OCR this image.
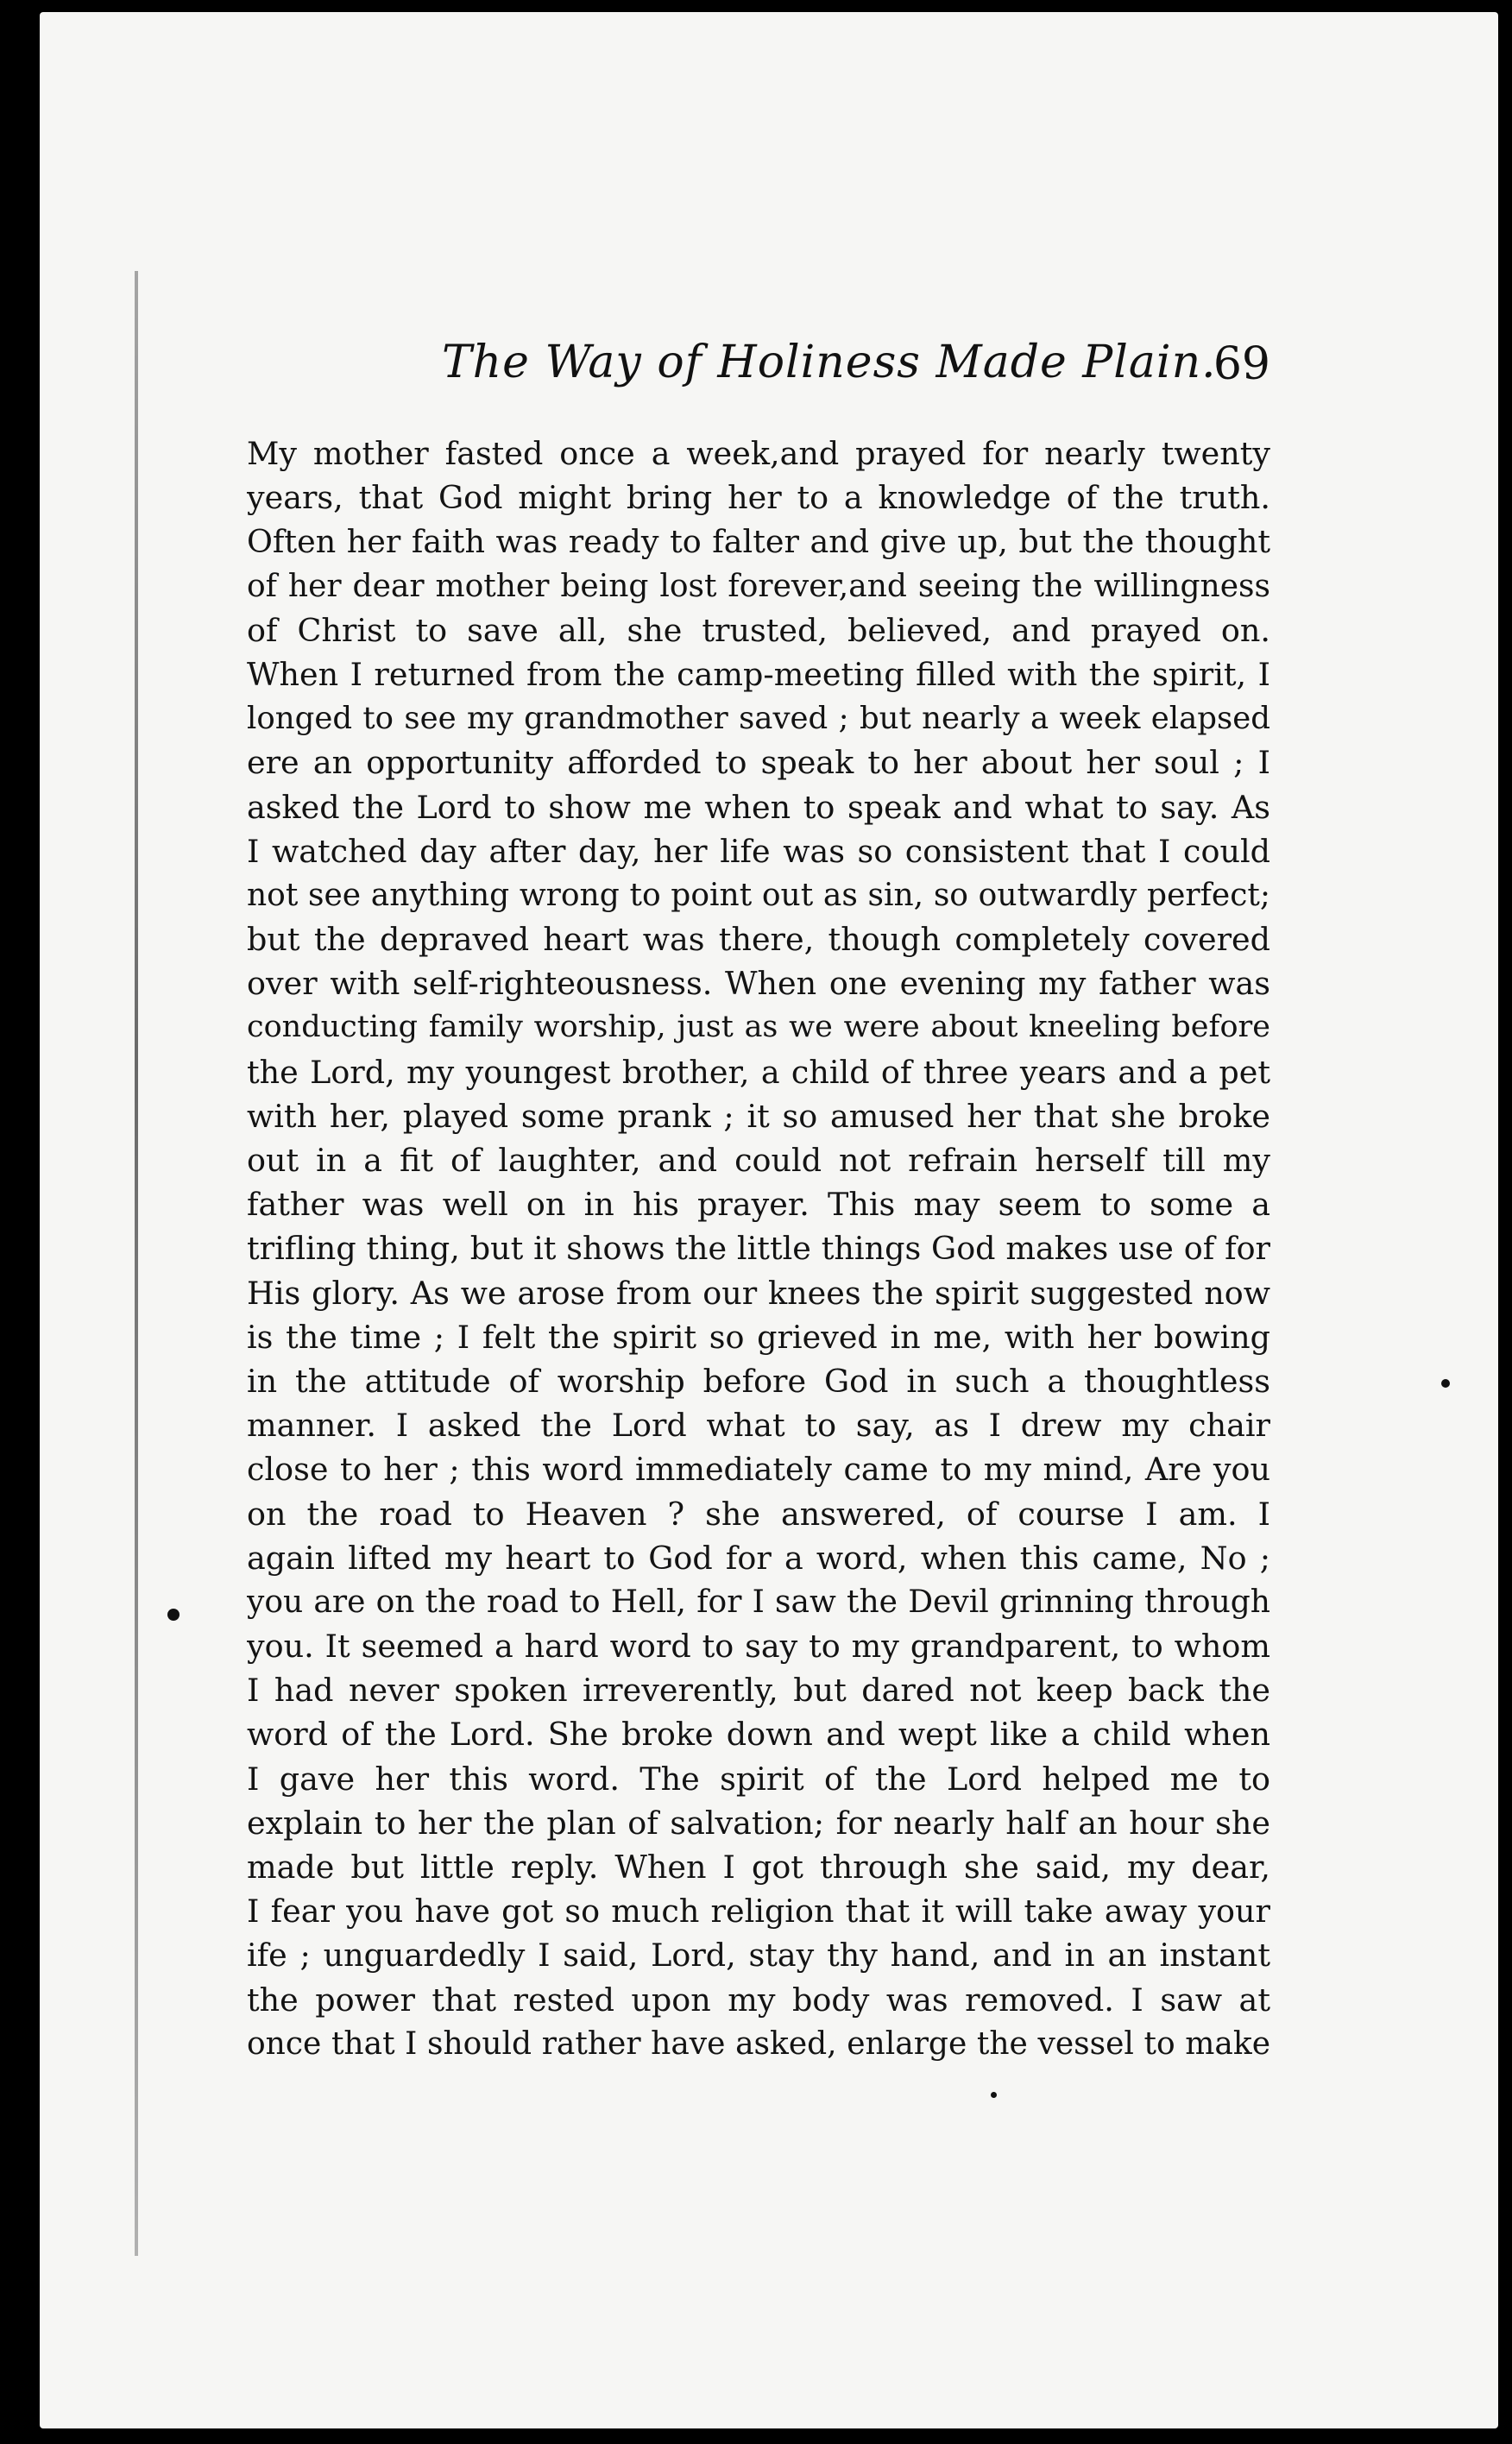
The Way of Holiness Made Plain.
69
My mother fasted once a week,and prayed for nearly twenty
years, that God might bring her to a knowledge of the truth.
Often her faith was ready to falter and give up, but the thought
of her dear mother being lost forever,and seeing the willingness
of Christ to save all, she trusted, believed, and prayed on.
When I returned from the camp-meeting filled with the spirit, I
longed to see my grandmother saved ; but nearly a week elapsed
ere an opportunity afforded to speak to her about her soul ; I
asked the Lord to show me when to speak and what to say. As
I watched day after day, her life was so consistent that I could
not see anything wrong to point out as sin, so outwardly perfect;
but the depraved heart was there, though completely covered
over with self-righteousness. When one evening my father was
conducting family worship, just as we were about kneeling before
the Lord, my youngest brother, a child of three years and a pet
with her, played some prank ; it so amused her that she broke
out in a fit of laughter, and could not refrain herself till my
father was well on in his prayer. This may seem to some a
trifling thing, but it shows the little things God makes use of for
His glory. As we arose from our knees the spirit suggested now
is the time ; I felt the spirit so grieved in me, with her bowing
in the attitude of worship before God in such a thoughtless
manner. I asked the Lord what to say, as I drew my chair
close to her ; this word immediately came to my mind, Are you
on the road to Heaven ? she answered, of course I am. I
again lifted my heart to God for a word, when this came, No ;
you are on the road to Hell, for I saw the Devil grinning through
you. It seemed a hard word to say to my grandparent, to whom
I had never spoken irreverently, but dared not keep back the
word of the Lord. She broke down and wept like a child when
I gave her this word. The spirit of the Lord helped me to
explain to her the plan of salvation; for nearly half an hour she
made but little reply. When I got through she said, my dear,
I fear you have got so much religion that it will take away your
ife ; unguardedly I said, Lord, stay thy hand, and in an instant
the power that rested upon my body was removed. I saw at
once that I should rather have asked, enlarge the vessel to make
